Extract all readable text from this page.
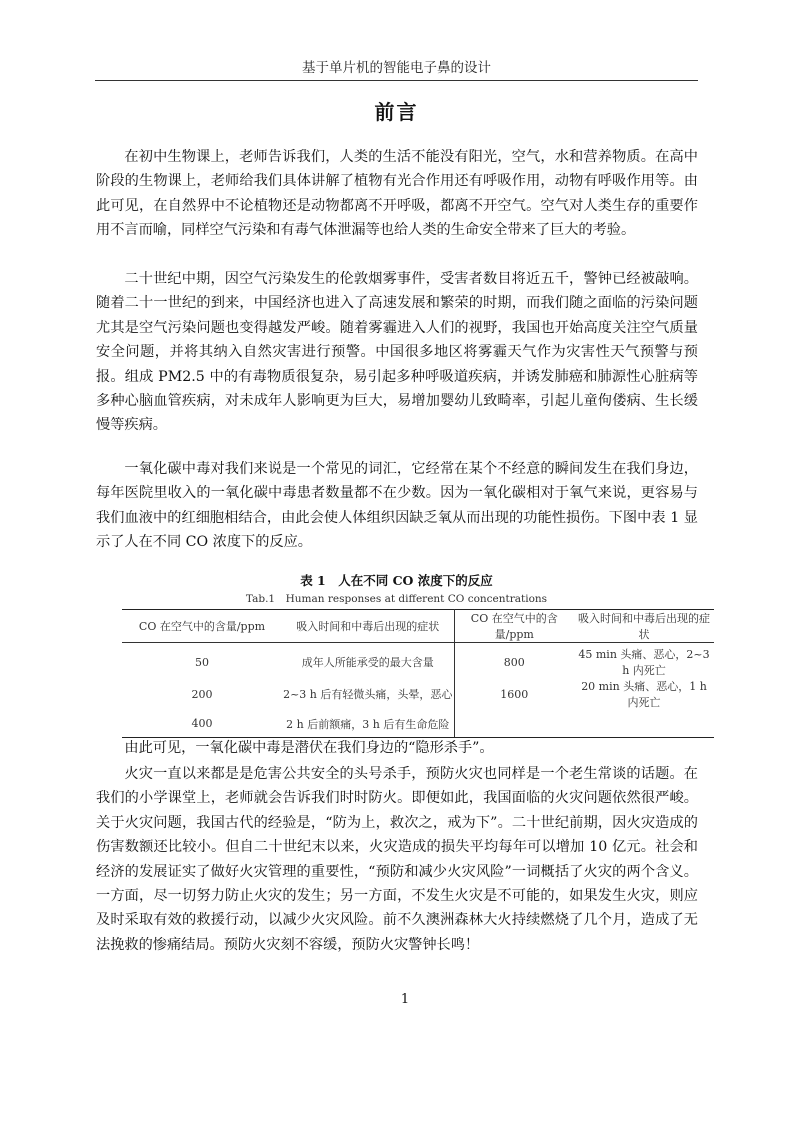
基于单片机的智能电子鼻的设计
前言

在初中生物课上，老师告诉我们，人类的生活不能没有阳光，空气，水和营养物质。在高中阶段的生物课上，老师给我们具体讲解了植物有光合作用还有呼吸作用，动物有呼吸作用等。由此可见，在自然界中不论植物还是动物都离不开呼吸，都离不开空气。空气对人类生存的重要作用不言而喻，同样空气污染和有毒气体泄漏等也给人类的生命安全带来了巨大的考验。

二十世纪中期，因空气污染发生的伦敦烟雾事件，受害者数目将近五千，警钟已经被敲响。随着二十一世纪的到来，中国经济也进入了高速发展和繁荣的时期，而我们随之面临的污染问题尤其是空气污染问题也变得越发严峻。随着雾霾进入人们的视野，我国也开始高度关注空气质量安全问题，并将其纳入自然灾害进行预警。中国很多地区将雾霾天气作为灾害性天气预警与预报。组成 PM2.5 中的有毒物质很复杂，易引起多种呼吸道疾病，并诱发肺癌和肺源性心脏病等多种心脑血管疾病，对未成年人影响更为巨大，易增加婴幼儿致畸率，引起儿童佝偻病、生长缓慢等疾病。

一氧化碳中毒对我们来说是一个常见的词汇，它经常在某个不经意的瞬间发生在我们身边，每年医院里收入的一氧化碳中毒患者数量都不在少数。因为一氧化碳相对于氧气来说，更容易与我们血液中的红细胞相结合，由此会使人体组织因缺乏氧从而出现的功能性损伤。下图中表 1 显示了人在不同 CO 浓度下的反应。

表 1　人在不同 CO 浓度下的反应
Tab.1　Human responses at different CO concentrations
CO 在空气中的含量/ppm	吸入时间和中毒后出现的症状	CO 在空气中的含量/ppm	吸入时间和中毒后出现的症状
50	成年人所能承受的最大含量	800	45 min 头痛、恶心，2~3 h 内死亡
200	2~3 h 后有轻微头痛，头晕，恶心	1600	20 min 头痛、恶心，1 h 内死亡
400	2 h 后前额痛，3 h 后有生命危险		

由此可见，一氧化碳中毒是潜伏在我们身边的“隐形杀手”。

火灾一直以来都是是危害公共安全的头号杀手，预防火灾也同样是一个老生常谈的话题。在我们的小学课堂上，老师就会告诉我们时时防火。即便如此，我国面临的火灾问题依然很严峻。关于火灾问题，我国古代的经验是，“防为上，救次之，戒为下”。二十世纪前期，因火灾造成的伤害数额还比较小。但自二十世纪末以来，火灾造成的损失平均每年可以增加 10 亿元。社会和经济的发展证实了做好火灾管理的重要性，“预防和减少火灾风险”一词概括了火灾的两个含义。一方面，尽一切努力防止火灾的发生；另一方面，不发生火灾是不可能的，如果发生火灾，则应及时采取有效的救援行动，以减少火灾风险。前不久澳洲森林大火持续燃烧了几个月，造成了无法挽救的惨痛结局。预防火灾刻不容缓，预防火灾警钟长鸣！

1
